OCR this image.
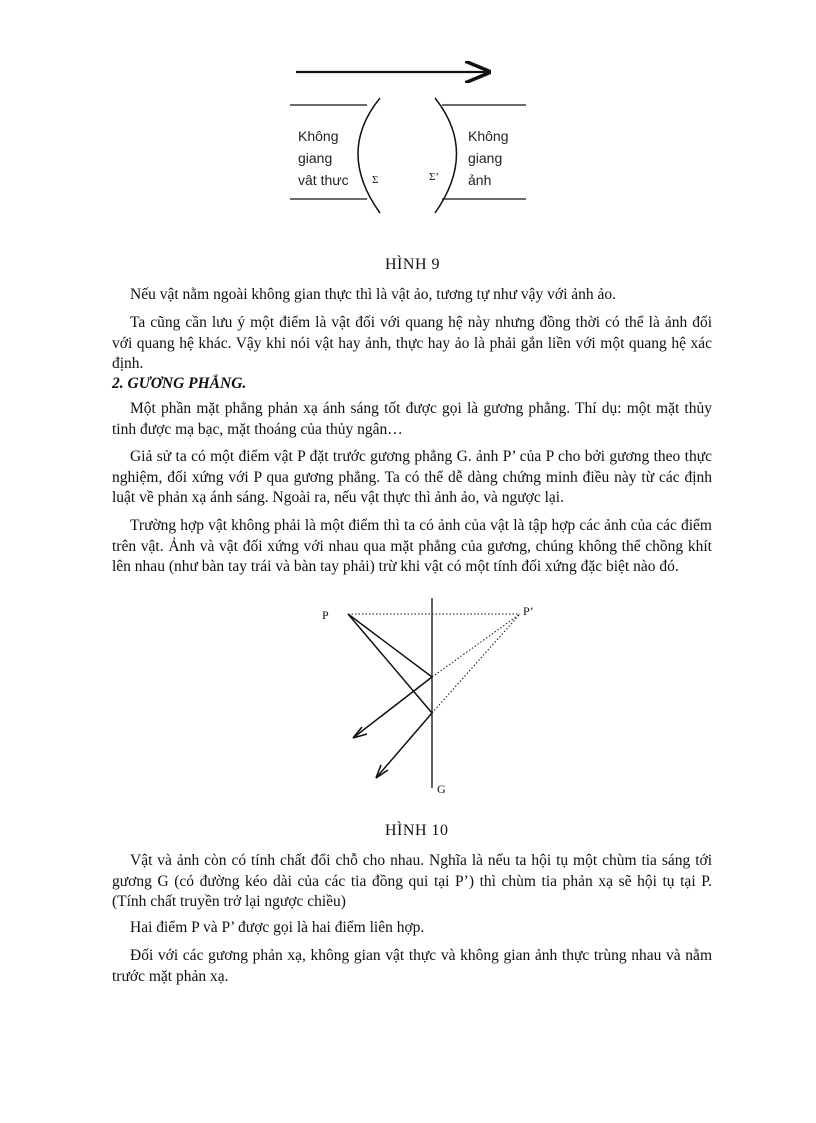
Không
giang
vât thưc
Không
giang
ảnh
Σ	Σ’
HÌNH 9

Nếu vật nằm ngoài không gian thực thì là vật ảo, tương tự như vậy với ảnh ảo.

Ta cũng cần lưu ý một điểm là vật đối với quang hệ này nhưng đồng thời có thể là ảnh đối với quang hệ khác. Vậy khi nói vật hay ảnh, thực hay ảo là phải gắn liền với một quang hệ xác định.

2. GƯƠNG PHẲNG.

Một phần mặt phẳng phản xạ ánh sáng tốt được gọi là gương phẳng. Thí dụ: một mặt thủy tinh được mạ bạc, mặt thoáng của thủy ngân…

Giả sử ta có một điểm vật P đặt trước gương phẳng G. ảnh P’ của P cho bởi gương theo thực nghiệm, đối xứng với P qua gương phẳng. Ta có thể dễ dàng chứng minh điều này từ các định luật về phản xạ ánh sáng. Ngoài ra, nếu vật thực thì ảnh ảo, và ngược lại.

Trường hợp vật không phải là một điểm thì ta có ảnh của vật là tập hợp các ảnh của các điểm trên vật. Ảnh và vật đối xứng với nhau qua mặt phẳng của gương, chúng không thể chồng khít lên nhau (như bàn tay trái và bàn tay phải) trừ khi vật có một tính đối xứng đặc biệt nào đó.

P	P’
G
HÌNH 10

Vật và ảnh còn có tính chất đổi chỗ cho nhau. Nghĩa là nếu ta hội tụ một chùm tia sáng tới gương G (có đường kéo dài của các tia đồng qui tại P’) thì chùm tia phản xạ sẽ hội tụ tại P. (Tính chất truyền trở lại ngược chiều)

Hai điểm P và P’ được gọi là hai điểm liên hợp.

Đối với các gương phản xạ, không gian vật thực và không gian ảnh thực trùng nhau và nằm trước mặt phản xạ.
